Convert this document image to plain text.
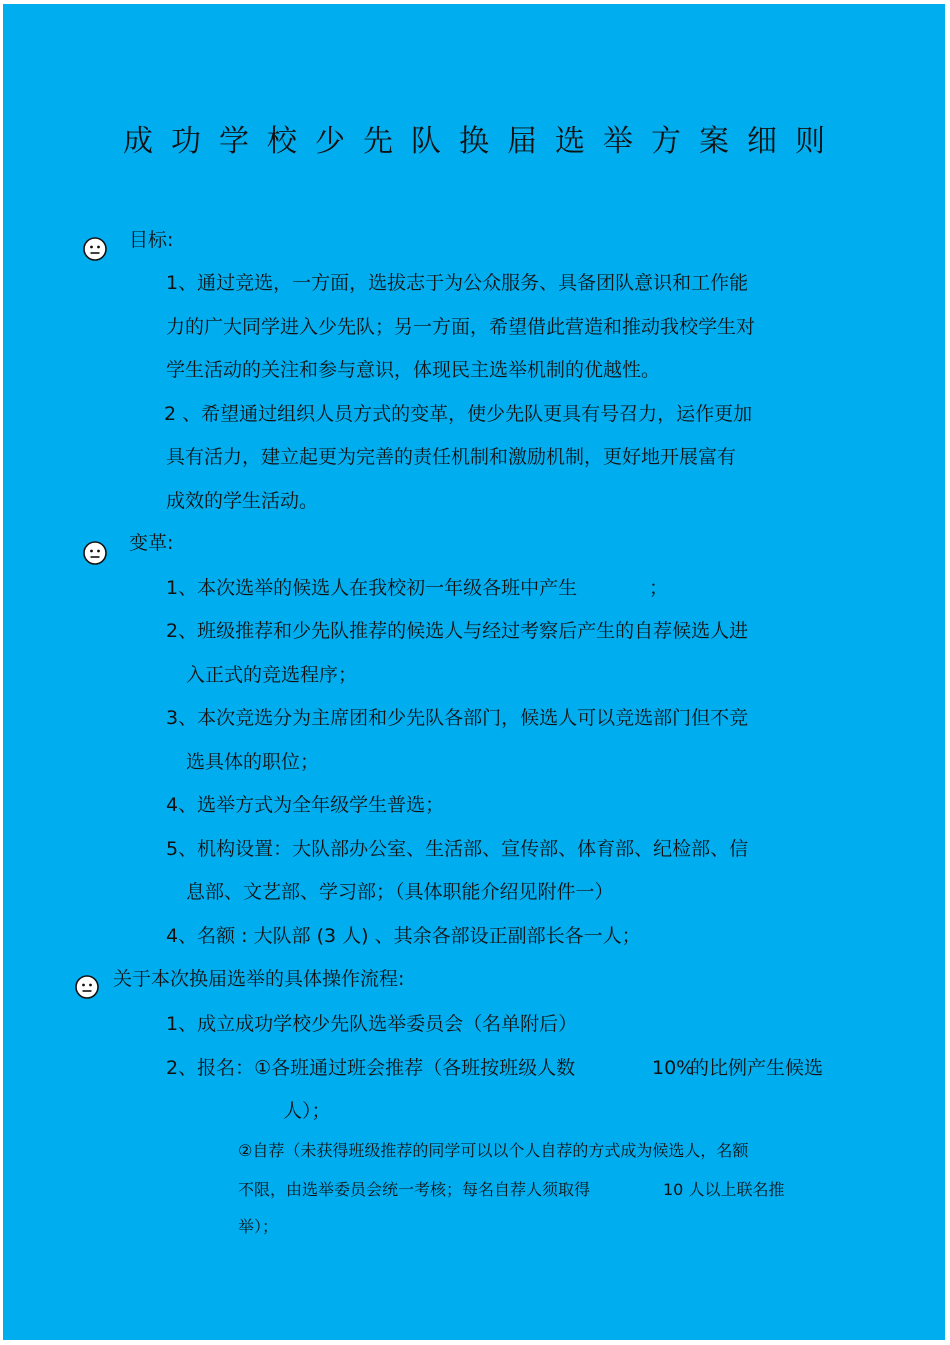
成功学校少先队换届选举方案细则
目标:
1、通过竞选，一方面，选拔志于为公众服务、具备团队意识和工作能
力的广大同学进入少先队；另一方面，希望借此营造和推动我校学生对
学生活动的关注和参与意识，体现民主选举机制的优越性。
2 、希望通过组织人员方式的变革，使少先队更具有号召力，运作更加
具有活力，建立起更为完善的责任机制和激励机制，更好地开展富有
成效的学生活动。
变革:
1、本次选举的候选人在我校初一年级各班中产生	；
2、班级推荐和少先队推荐的候选人与经过考察后产生的自荐候选人进
入正式的竞选程序；
3、本次竞选分为主席团和少先队各部门，候选人可以竞选部门但不竞
选具体的职位；
4、选举方式为全年级学生普选；
5、机构设置：大队部办公室、生活部、宣传部、体育部、纪检部、信
息部、文艺部、学习部；（具体职能介绍见附件一）
4、名额 : 大队部 (3 人) 、其余各部设正副部长各一人；
关于本次换届选举的具体操作流程:
1、成立成功学校少先队选举委员会（名单附后）
2、报名：①各班通过班会推荐（各班按班级人数	10%
的比例产生候选
人）；
②自荐（未获得班级推荐的同学可以以个人自荐的方式成为候选人，名额
不限，由选举委员会统一考核；每名自荐人须取得	10 人以上联名推
举）；
